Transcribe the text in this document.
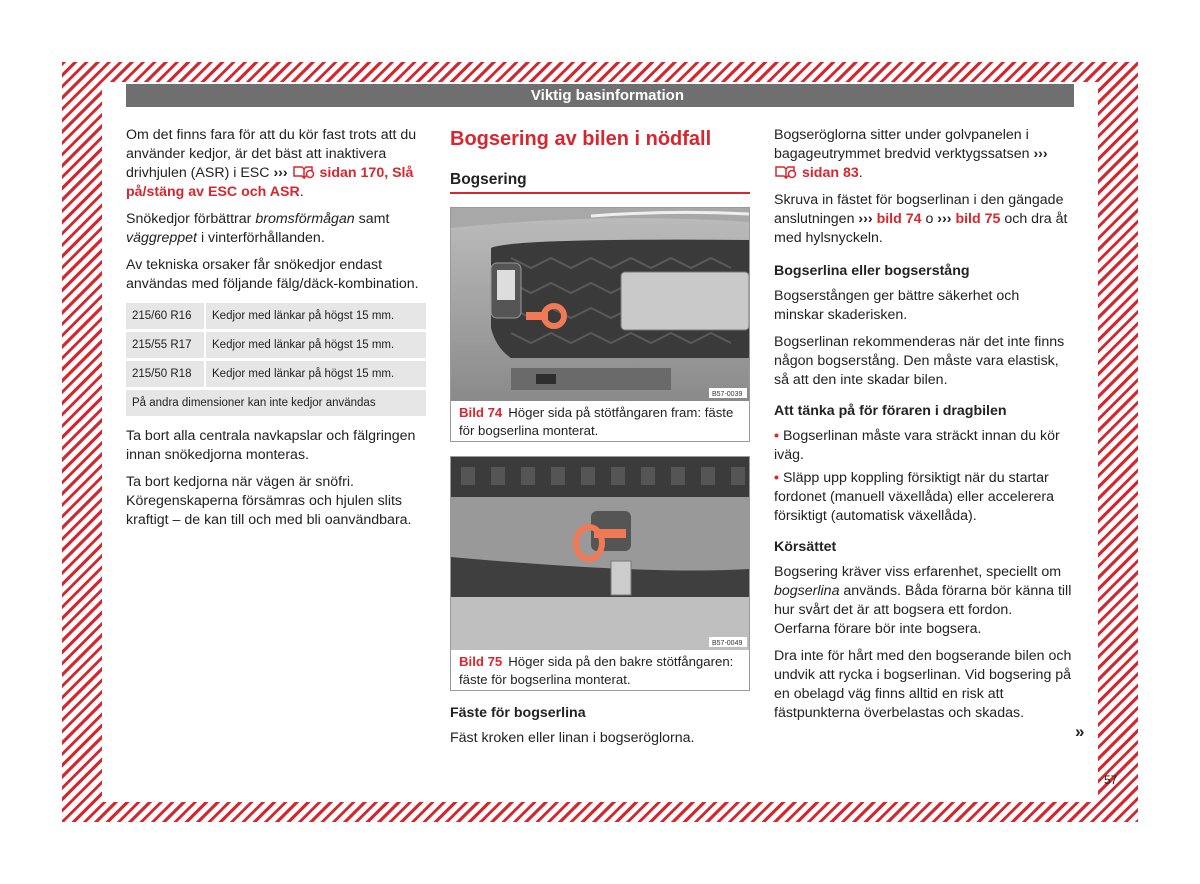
Viktig basinformation

Om det finns fara för att du kör fast trots att du använder kedjor, är det bäst att inaktivera drivhjulen (ASR) i ESC ››› sidan 170, Slå på/stäng av ESC och ASR.

Snökedjor förbättrar bromsförmågan samt väggreppet i vinterförhållanden.

Av tekniska orsaker får snökedjor endast användas med följande fälg/däck-kombination.

215/60 R16	Kedjor med länkar på högst 15 mm.
215/55 R17	Kedjor med länkar på högst 15 mm.
215/50 R18	Kedjor med länkar på högst 15 mm.
På andra dimensioner kan inte kedjor användas	

Ta bort alla centrala navkapslar och fälgringen innan snökedjorna monteras.

Ta bort kedjorna när vägen är snöfri. Köregenskaperna försämras och hjulen slits kraftigt – de kan till och med bli oanvändbara.

Bogsering av bilen i nödfall
Bogsering
B57-0039
Bild 74 Höger sida på stötfångaren fram: fäste för bogserlina monterat.
B57-0049
Bild 75 Höger sida på den bakre stötfångaren: fäste för bogserlina monterat.
Fäste för bogserlina

Fäst kroken eller linan i bogseröglorna.

Bogseröglorna sitter under golvpanelen i bagageutrymmet bredvid verktygssatsen ›››  sidan 83.

Skruva in fästet för bogserlinan i den gängade anslutningen ››› bild 74 o ››› bild 75 och dra åt med hylsnyckeln.

Bogserlina eller bogserstång

Bogserstången ger bättre säkerhet och minskar skaderisken.

Bogserlinan rekommenderas när det inte finns någon bogserstång. Den måste vara elastisk, så att den inte skadar bilen.

Att tänka på för föraren i dragbilen

• Bogserlinan måste vara sträckt innan du kör iväg.

• Släpp upp koppling försiktigt när du startar fordonet (manuell växellåda) eller accelerera försiktigt (automatisk växellåda).

Körsättet

Bogsering kräver viss erfarenhet, speciellt om bogserlina används. Båda förarna bör känna till hur svårt det är att bogsera ett fordon. Oerfarna förare bör inte bogsera.

Dra inte för hårt med den bogserande bilen och undvik att rycka i bogserlinan. Vid bogsering på en obelagd väg finns alltid en risk att fästpunkterna överbelastas och skadas.

»
57
